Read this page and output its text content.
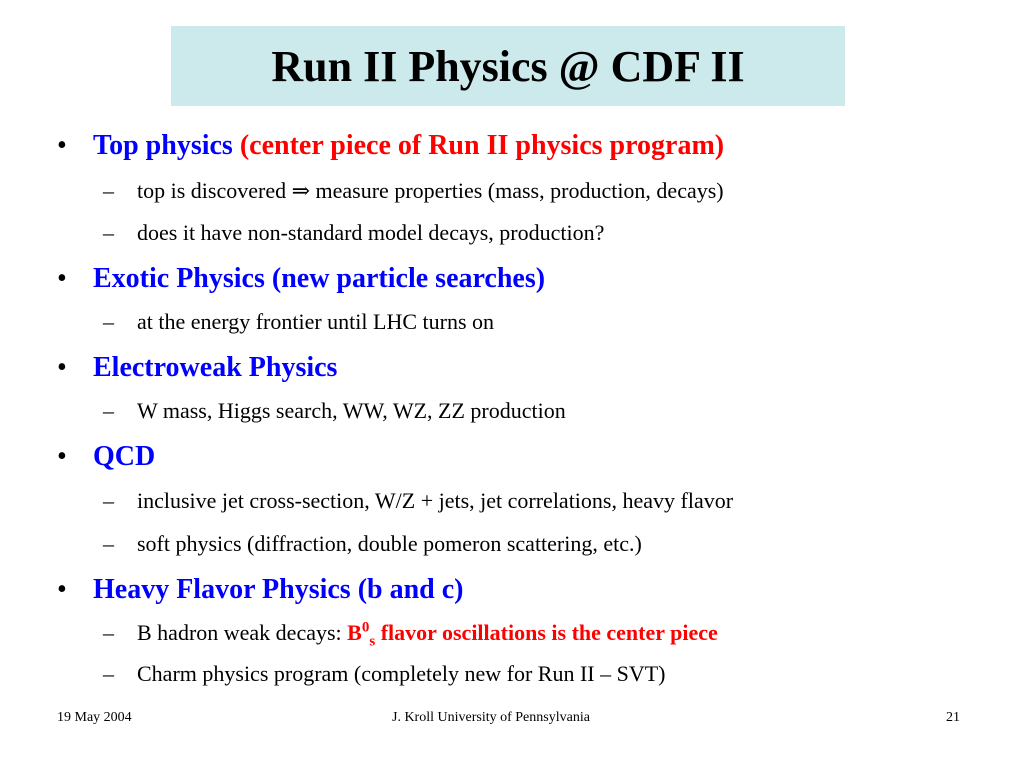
Run II Physics @ CDF II
• Top physics (center piece of Run II physics program)
– top is discovered ⇒ measure properties (mass, production, decays)
– does it have non-standard model decays, production?
• Exotic Physics (new particle searches)
– at the energy frontier until LHC turns on
• Electroweak Physics
– W mass, Higgs search, WW, WZ, ZZ production
• QCD
– inclusive jet cross-section, W/Z + jets, jet correlations, heavy flavor
– soft physics (diffraction, double pomeron scattering, etc.)
• Heavy Flavor Physics (b and c)
– B hadron weak decays: $B^0_s$ flavor oscillations is the center piece
– Charm physics program (completely new for Run II – SVT)
19 May 2004	J. Kroll University of Pennsylvania	21
